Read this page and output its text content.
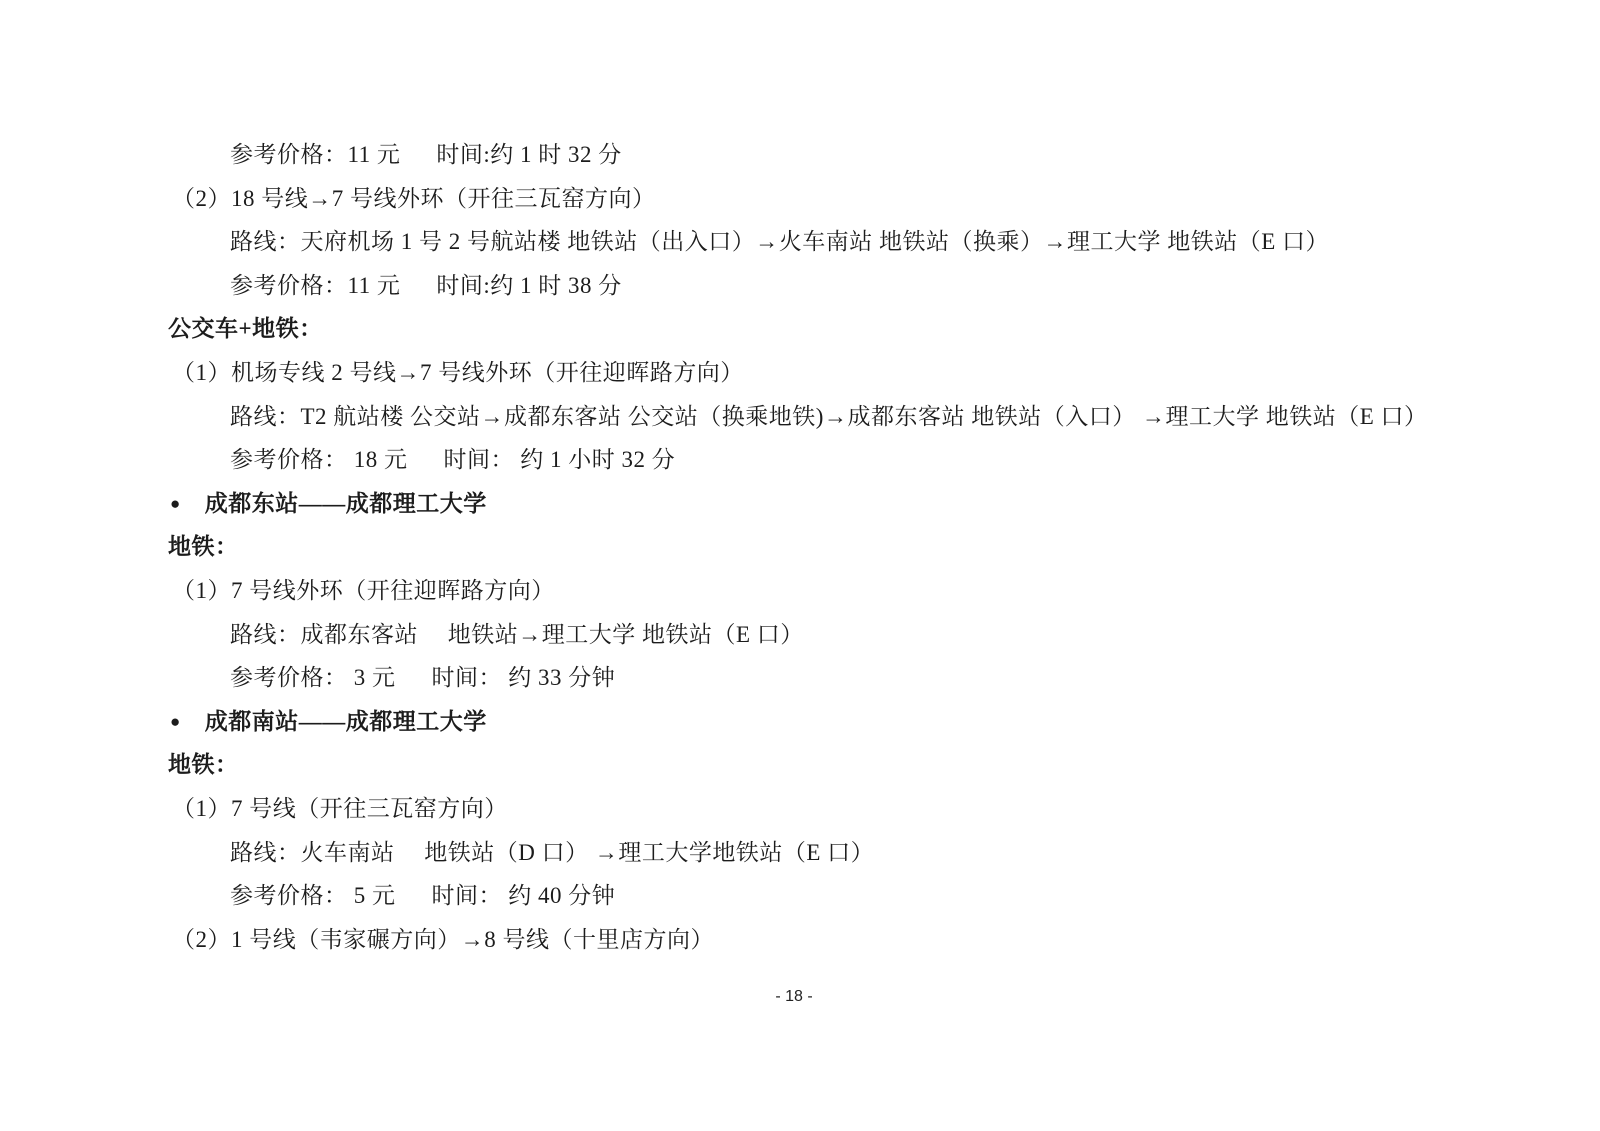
参考价格：11 元　  时间:约 1 时 32 分
（2）18 号线→7 号线外环（开往三瓦窑方向）
路线：天府机场 1 号 2 号航站楼 地铁站（出入口）→火车南站 地铁站（换乘）→理工大学 地铁站（E 口）
参考价格：11 元　  时间:约 1 时 38 分
公交车+地铁：
（1）机场专线 2 号线→7 号线外环（开往迎晖路方向）
路线：T2 航站楼 公交站→成都东客站 公交站（换乘地铁)→成都东客站 地铁站（入口） →理工大学 地铁站（E 口）
参考价格： 18 元　  时间： 约 1 小时 32 分
● 成都东站——成都理工大学
地铁：
（1）7 号线外环（开往迎晖路方向）
路线：成都东客站　 地铁站→理工大学 地铁站（E 口）
参考价格： 3 元　  时间： 约 33 分钟
● 成都南站——成都理工大学
地铁：
（1）7 号线（开往三瓦窑方向）
路线：火车南站　 地铁站（D 口） →理工大学地铁站（E 口）
参考价格： 5 元　  时间： 约 40 分钟
（2）1 号线（韦家碾方向）→8 号线（十里店方向）
- 18 -
